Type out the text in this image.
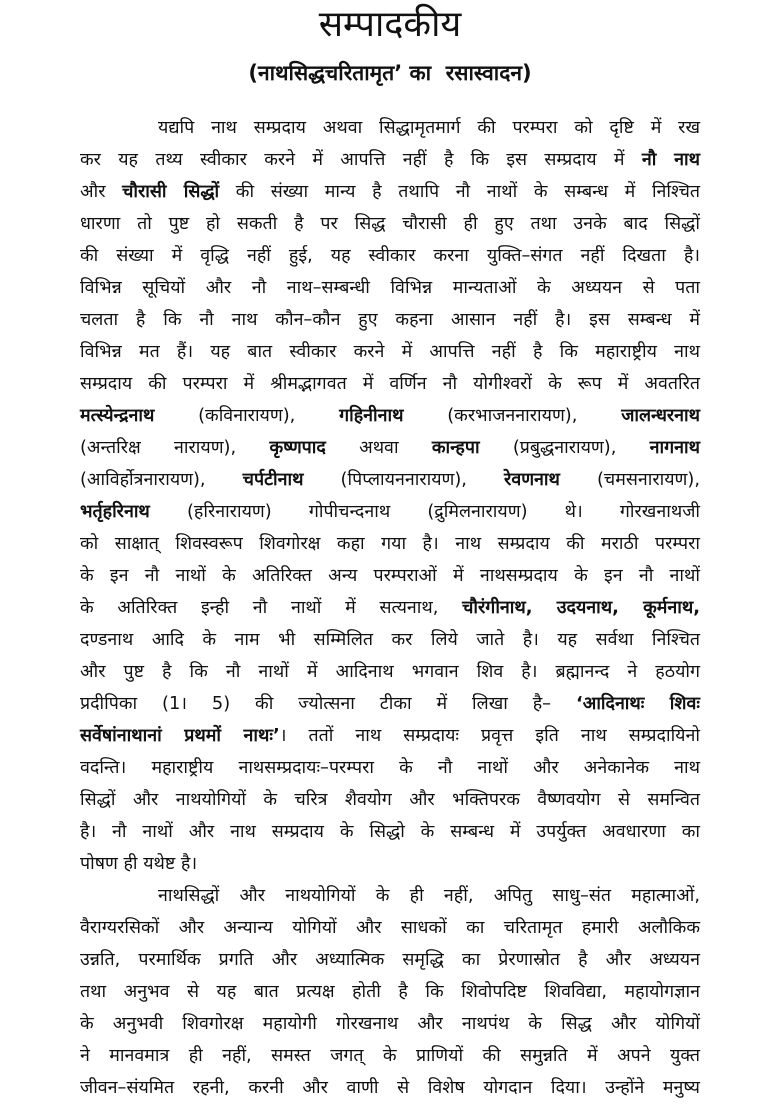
सम्पादकीय
(नाथसिद्धचरितामृत’ का  रसास्वादन)
यद्यपि नाथ सम्प्रदाय अथवा सिद्धामृतमार्ग की परम्परा को दृष्टि में रख
कर यह तथ्य स्वीकार करने में आपत्ति नहीं है कि इस सम्प्रदाय में नौ नाथ
और चौरासी सिद्धों की संख्या मान्य है तथापि नौ नाथों के सम्बन्ध में निश्चित
धारणा तो पुष्ट हो सकती है पर सिद्ध चौरासी ही हुए तथा उनके बाद सिद्धों
की संख्या में वृद्धि नहीं हुई, यह स्वीकार करना युक्ति–संगत नहीं दिखता है।
विभिन्न सूचियों और नौ नाथ–सम्बन्धी विभिन्न मान्यताओं के अध्ययन से पता
चलता है कि नौ नाथ कौन–कौन हुए कहना आसान नहीं है। इस सम्बन्ध में
विभिन्न मत हैं। यह बात स्वीकार करने में आपत्ति नहीं है कि महाराष्ट्रीय नाथ
सम्प्रदाय की परम्परा में श्रीमद्भागवत में वर्णिन नौ योगीश्वरों के रूप में अवतरित
मत्स्येन्द्रनाथ (कविनारायण), गहिनीनाथ (करभाजननारायण), जालन्धरनाथ
(अन्तरिक्ष नारायण), कृष्णपाद अथवा कान्हपा (प्रबुद्धनारायण), नागनाथ
(आविर्होत्रनारायण), चर्पटीनाथ (पिप्लायननारायण), रेवणनाथ (चमसनारायण),
भर्तृहरिनाथ (हरिनारायण) गोपीचन्दनाथ (द्रुमिलनारायण) थे। गोरखनाथजी
को साक्षात् शिवस्वरूप शिवगोरक्ष कहा गया है। नाथ सम्प्रदाय की मराठी परम्परा
के इन नौ नाथों के अतिरिक्त अन्य परम्पराओं में नाथसम्प्रदाय के इन नौ नाथों
के अतिरिक्त इन्ही नौ नाथों में सत्यनाथ, चौरंगीनाथ, उदयनाथ, कूर्मनाथ,
दण्डनाथ आदि के नाम भी सम्मिलित कर लिये जाते है। यह सर्वथा निश्चित
और पुष्ट है कि नौ नाथों में आदिनाथ भगवान शिव है। ब्रह्मानन्द ने हठयोग
प्रदीपिका (1। 5) की ज्योत्सना टीका में लिखा है– ‘आदिनाथः शिवः
सर्वेषांनाथानां प्रथमों नाथः’। ततों नाथ सम्प्रदायः प्रवृत्त इति नाथ सम्प्रदायिनो
वदन्ति। महाराष्ट्रीय नाथसम्प्रदायः–परम्परा के नौ नाथों और अनेकानेक नाथ
सिद्धों और नाथयोगियों के चरित्र शैवयोग और भक्तिपरक वैष्णवयोग से समन्वित
है। नौ नाथों और नाथ सम्प्रदाय के सिद्धो के सम्बन्ध में उपर्युक्त अवधारणा का
पोषण ही यथेष्ट है।
नाथसिद्धों और नाथयोगियों के ही नहीं, अपितु साधु–संत महात्माओं,
वैराग्यरसिकों और अन्यान्य योगियों और साधकों का चरितामृत हमारी अलौकिक
उन्नति, परमार्थिक प्रगति और अध्यात्मिक समृद्धि का प्रेरणास्रोत है और अध्ययन
तथा अनुभव से यह बात प्रत्यक्ष होती है कि शिवोपदिष्ट शिवविद्या, महायोगज्ञान
के अनुभवी शिवगोरक्ष महायोगी गोरखनाथ और नाथपंथ के सिद्ध और योगियों
ने मानवमात्र ही नहीं, समस्त जगत् के प्राणियों की समुन्नति में अपने युक्त
जीवन–संयमित रहनी, करनी और वाणी से विशेष योगदान दिया। उन्होंने मनुष्य
